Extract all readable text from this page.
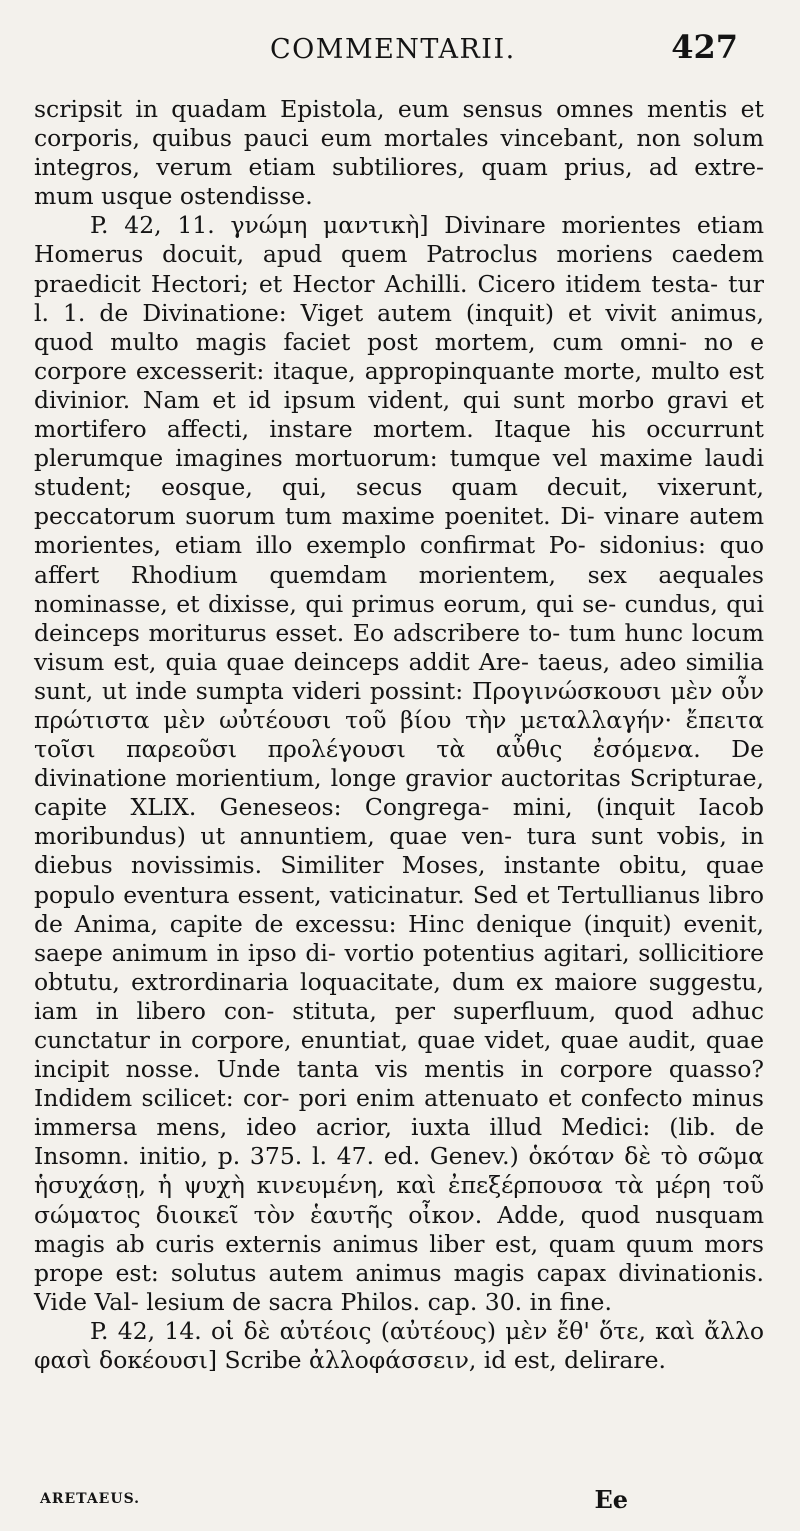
COMMENTARII.	427

scripsit in quadam Epistola, eum sensus omnes mentis et corporis, quibus pauci eum mortales vincebant, non solum integros, verum etiam subtiliores, quam prius, ad extre- mum usque ostendisse.

P. 42, 11. γνώμη μαντικὴ] Divinare morientes etiam Homerus docuit, apud quem Patroclus moriens caedem praedicit Hectori; et Hector Achilli. Cicero itidem testa- tur l. 1. de Divinatione: Viget autem (inquit) et vivit animus, quod multo magis faciet post mortem, cum omni- no e corpore excesserit: itaque, appropinquante morte, multo est divinior. Nam et id ipsum vident, qui sunt morbo gravi et mortifero affecti, instare mortem. Itaque his occurrunt plerumque imagines mortuorum: tumque vel maxime laudi student; eosque, qui, secus quam decuit, vixerunt, peccatorum suorum tum maxime poenitet. Di- vinare autem morientes, etiam illo exemplo confirmat Po- sidonius: quo affert Rhodium quemdam morientem, sex aequales nominasse, et dixisse, qui primus eorum, qui se- cundus, qui deinceps moriturus esset. Eo adscribere to- tum hunc locum visum est, quia quae deinceps addit Are- taeus, adeo similia sunt, ut inde sumpta videri possint: Προγινώσκουσι μὲν οὖν πρώτιστα μὲν ωὐτέουσι τοῦ βίου τὴν μεταλλαγήν· ἔπειτα τοῖσι παρεοῦσι προλέγουσι τὰ αὖθις ἐσόμενα. De divinatione morientium, longe gravior auctoritas Scripturae, capite XLIX. Geneseos: Congrega- mini, (inquit Iacob moribundus) ut annuntiem, quae ven- tura sunt vobis, in diebus novissimis. Similiter Moses, instante obitu, quae populo eventura essent, vaticinatur. Sed et Tertullianus libro de Anima, capite de excessu: Hinc denique (inquit) evenit, saepe animum in ipso di- vortio potentius agitari, sollicitiore obtutu, extrordinaria loquacitate, dum ex maiore suggestu, iam in libero con- stituta, per superfluum, quod adhuc cunctatur in corpore, enuntiat, quae videt, quae audit, quae incipit nosse. Unde tanta vis mentis in corpore quasso? Indidem scilicet: cor- pori enim attenuato et confecto minus immersa mens, ideo acrior, iuxta illud Medici: (lib. de Insomn. initio, p. 375. l. 47. ed. Genev.) ὁκόταν δὲ τὸ σῶμα ἡσυχάσῃ, ἡ ψυχὴ κινευμένη, καὶ ἐπεξέρπουσα τὰ μέρη τοῦ σώματος διοικεῖ τὸν ἑαυτῆς οἶκον. Adde, quod nusquam magis ab curis externis animus liber est, quam quum mors prope est: solutus autem animus magis capax divinationis. Vide Val- lesium de sacra Philos. cap. 30. in fine.

P. 42, 14. οἱ δὲ αὐτέοις (αὐτέους) μὲν ἔθ' ὅτε, καὶ ἄλλο φασὶ δοκέουσι] Scribe ἀλλοφάσσειν, id est, delirare.

ARETAEUS.	Ee
